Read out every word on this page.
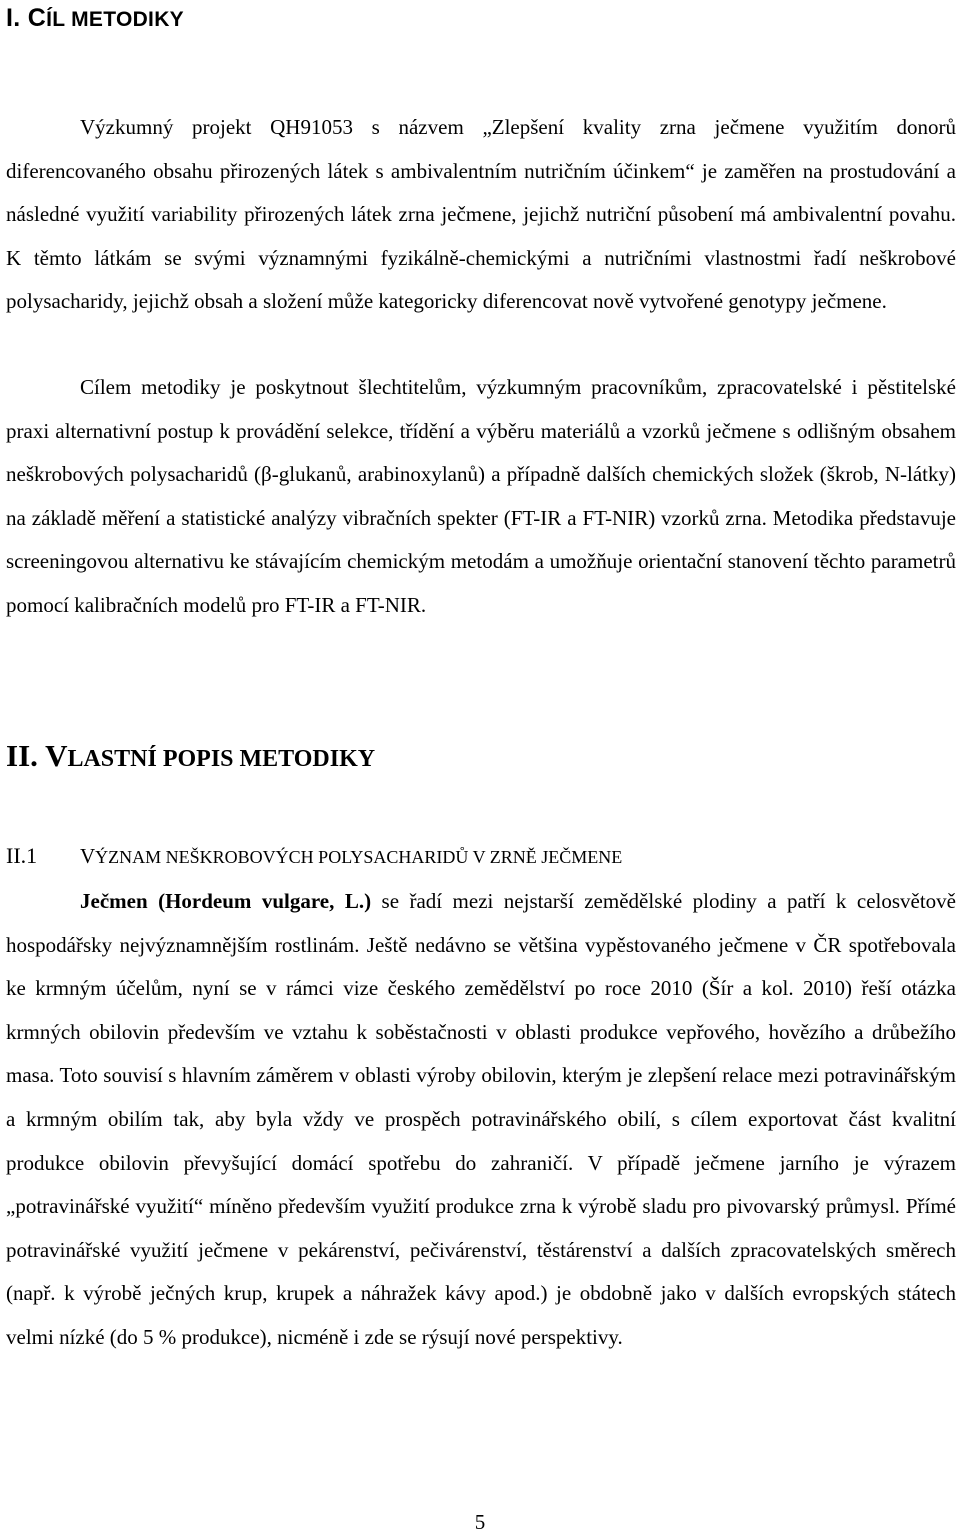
I. CÍL METODIKY

Výzkumný projekt QH91053 s názvem „Zlepšení kvality zrna ječmene využitím donorů diferencovaného obsahu přirozených látek s ambivalentním nutričním účinkem“ je zaměřen na prostudování a následné využití variability přirozených látek zrna ječmene, jejichž nutriční působení má ambivalentní povahu. K těmto látkám se svými významnými fyzikálně-chemickými a nutričními vlastnostmi řadí neškrobové polysacharidy, jejichž obsah a složení může kategoricky diferencovat nově vytvořené genotypy ječmene.

Cílem metodiky je poskytnout šlechtitelům, výzkumným pracovníkům, zpracovatelské i pěstitelské praxi alternativní postup k provádění selekce, třídění a výběru materiálů a vzorků ječmene s odlišným obsahem neškrobových polysacharidů (β-glukanů, arabinoxylanů) a případně dalších chemických složek (škrob, N-látky) na základě měření a statistické analýzy vibračních spekter (FT-IR a FT-NIR) vzorků zrna. Metodika představuje screeningovou alternativu ke stávajícím chemickým metodám a umožňuje orientační stanovení těchto parametrů pomocí kalibračních modelů pro FT-IR a FT-NIR.

II. VLASTNÍ POPIS METODIKY
II.1 VÝZNAM NEŠKROBOVÝCH POLYSACHARIDŮ V ZRNĚ JEČMENE

Ječmen (Hordeum vulgare, L.) se řadí mezi nejstarší zemědělské plodiny a patří k celosvětově hospodářsky nejvýznamnějším rostlinám. Ještě nedávno se většina vypěstovaného ječmene v ČR spotřebovala ke krmným účelům, nyní se v rámci vize českého zemědělství po roce 2010 (Šír a kol. 2010) řeší otázka krmných obilovin především ve vztahu k soběstačnosti v oblasti produkce vepřového, hovězího a drůbežího masa. Toto souvisí s hlavním záměrem v oblasti výroby obilovin, kterým je zlepšení relace mezi potravinářským a krmným obilím tak, aby byla vždy ve prospěch potravinářského obilí, s cílem exportovat část kvalitní produkce obilovin převyšující domácí spotřebu do zahraničí. V případě ječmene jarního je výrazem „potravinářské využití“ míněno především využití produkce zrna k výrobě sladu pro pivovarský průmysl. Přímé potravinářské využití ječmene v pekárenství, pečivárenství, těstárenství a dalších zpracovatelských směrech (např. k výrobě ječných krup, krupek a náhražek kávy apod.) je obdobně jako v dalších evropských státech velmi nízké (do 5 % produkce), nicméně i zde se rýsují nové perspektivy.

5
